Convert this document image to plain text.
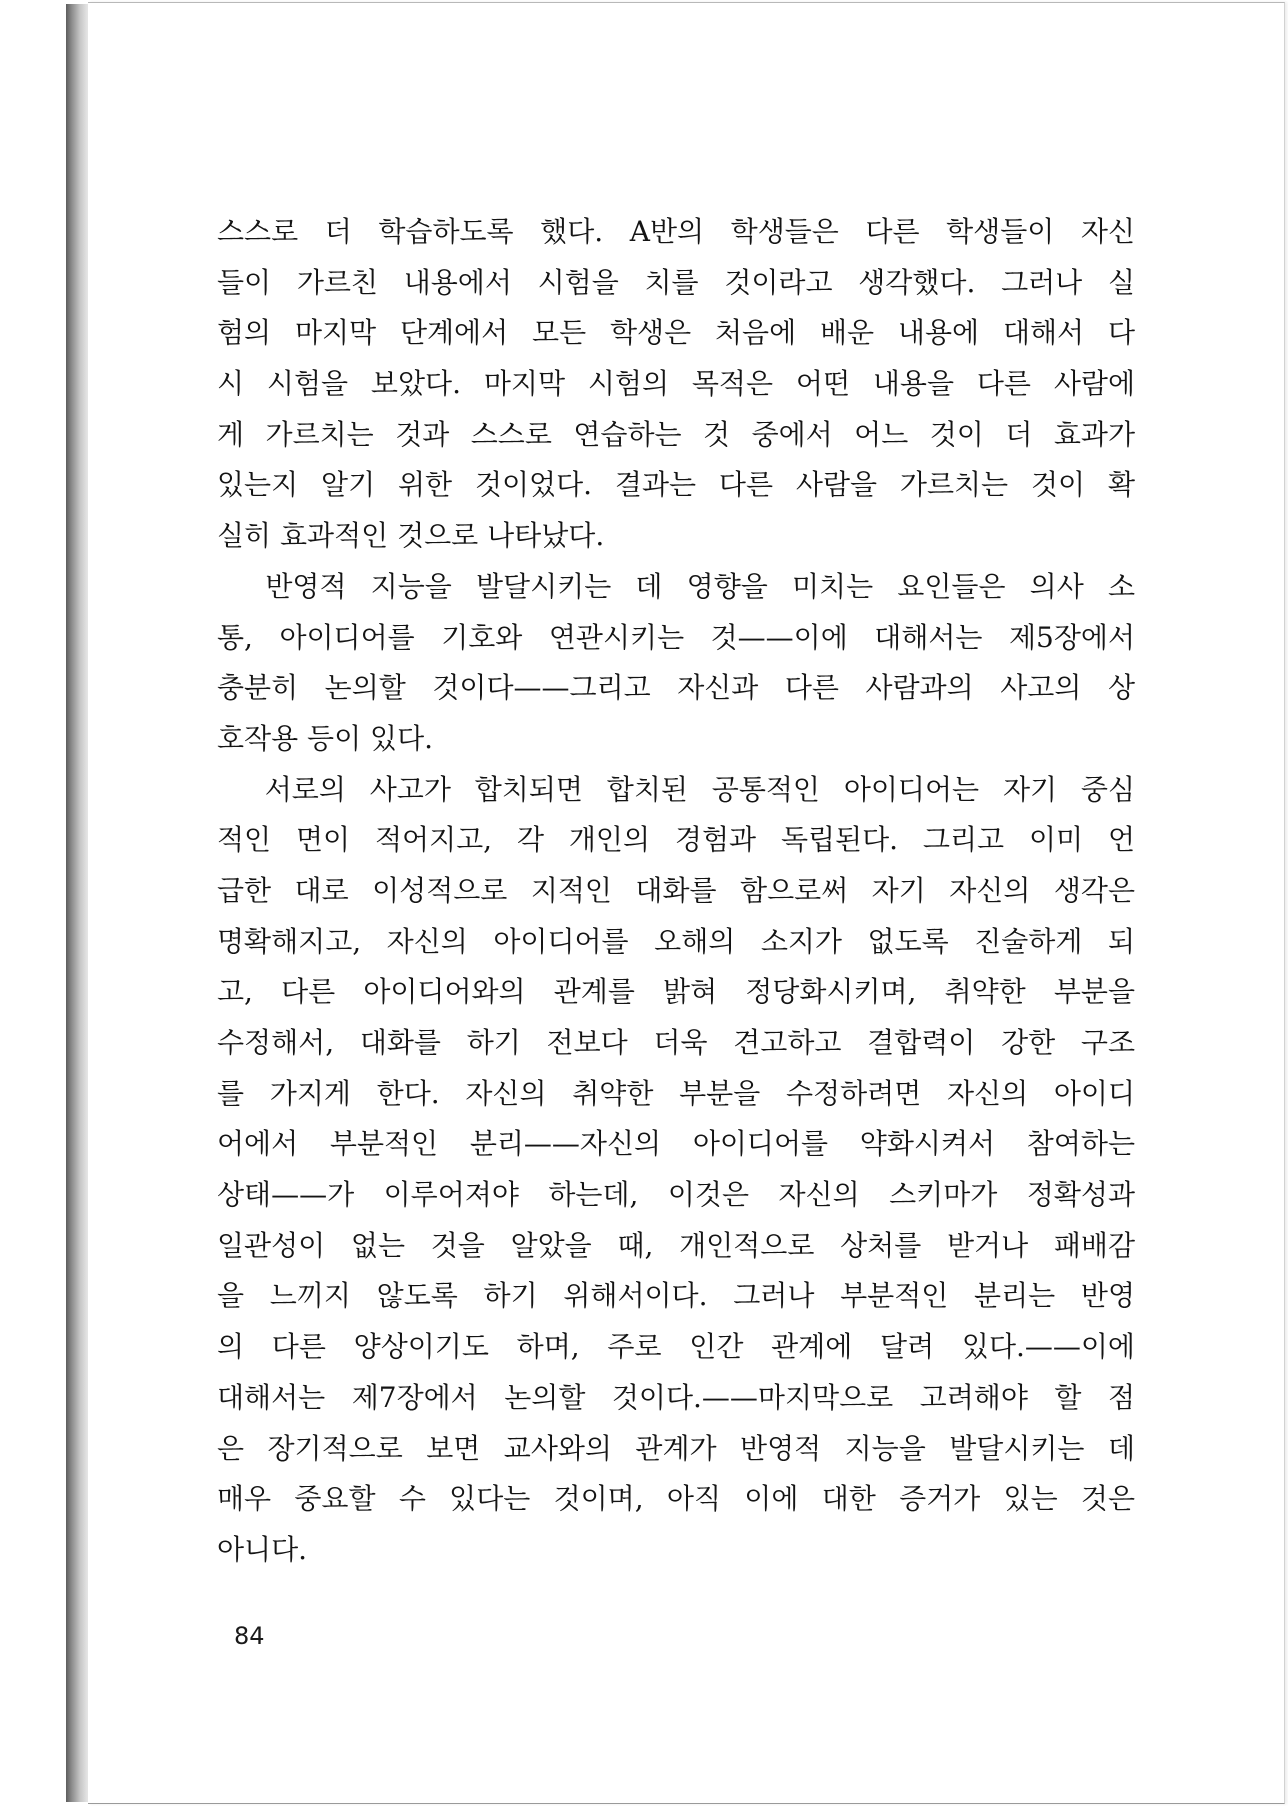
스스로 더 학습하도록 했다. A반의 학생들은 다른 학생들이 자신
들이 가르친 내용에서 시험을 치를 것이라고 생각했다. 그러나 실
험의 마지막 단계에서 모든 학생은 처음에 배운 내용에 대해서 다
시 시험을 보았다. 마지막 시험의 목적은 어떤 내용을 다른 사람에
게 가르치는 것과 스스로 연습하는 것 중에서 어느 것이 더 효과가
있는지 알기 위한 것이었다. 결과는 다른 사람을 가르치는 것이 확
실히 효과적인 것으로 나타났다.
반영적 지능을 발달시키는 데 영향을 미치는 요인들은 의사 소
통, 아이디어를 기호와 연관시키는 것——이에 대해서는 제5장에서
충분히 논의할 것이다——그리고 자신과 다른 사람과의 사고의 상
호작용 등이 있다.
서로의 사고가 합치되면 합치된 공통적인 아이디어는 자기 중심
적인 면이 적어지고, 각 개인의 경험과 독립된다. 그리고 이미 언
급한 대로 이성적으로 지적인 대화를 함으로써 자기 자신의 생각은
명확해지고, 자신의 아이디어를 오해의 소지가 없도록 진술하게 되
고, 다른 아이디어와의 관계를 밝혀 정당화시키며, 취약한 부분을
수정해서, 대화를 하기 전보다 더욱 견고하고 결합력이 강한 구조
를 가지게 한다. 자신의 취약한 부분을 수정하려면 자신의 아이디
어에서 부분적인 분리——자신의 아이디어를 약화시켜서 참여하는
상태——가 이루어져야 하는데, 이것은 자신의 스키마가 정확성과
일관성이 없는 것을 알았을 때, 개인적으로 상처를 받거나 패배감
을 느끼지 않도록 하기 위해서이다. 그러나 부분적인 분리는 반영
의 다른 양상이기도 하며, 주로 인간 관계에 달려 있다.——이에
대해서는 제7장에서 논의할 것이다.——마지막으로 고려해야 할 점
은 장기적으로 보면 교사와의 관계가 반영적 지능을 발달시키는 데
매우 중요할 수 있다는 것이며, 아직 이에 대한 증거가 있는 것은
아니다.
84
